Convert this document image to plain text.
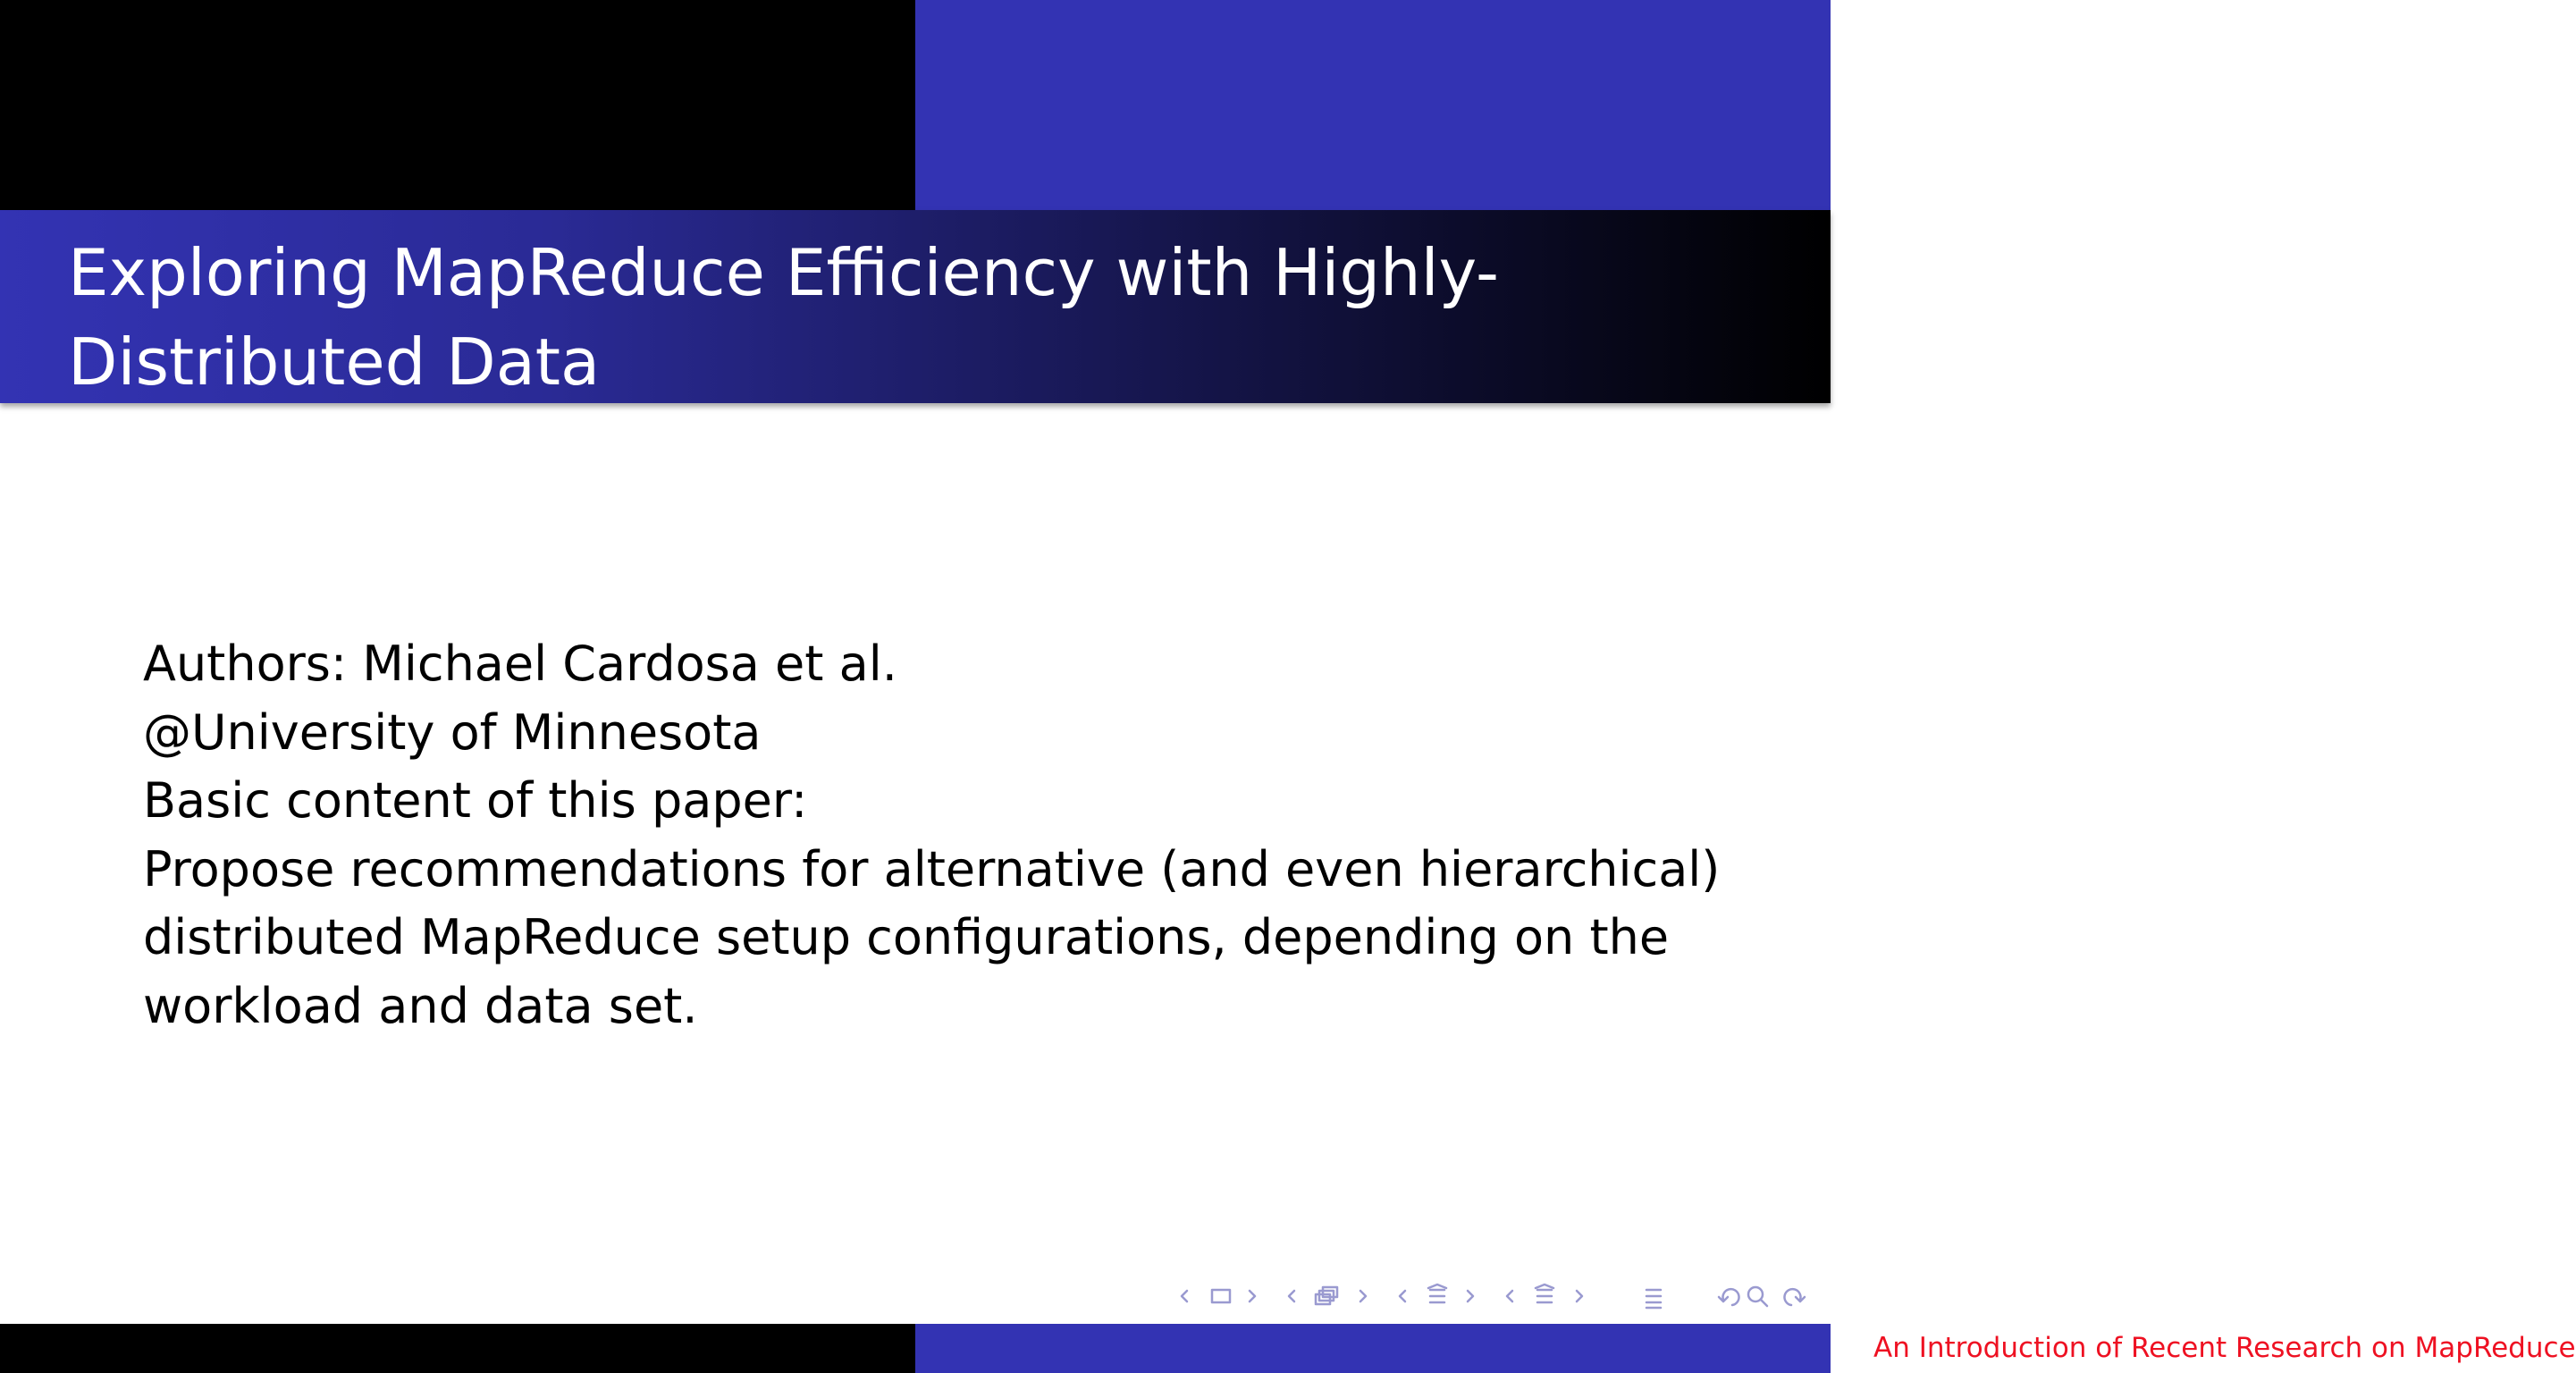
Exploring MapReduce Efficiency with Highly-Distributed Data
Authors: Michael Cardosa et al.
@University of Minnesota
Basic content of this paper:
Propose recommendations for alternative (and even hierarchical)
distributed MapReduce setup configurations, depending on the
workload and data set.
An Introduction of Recent Research on MapReduce
